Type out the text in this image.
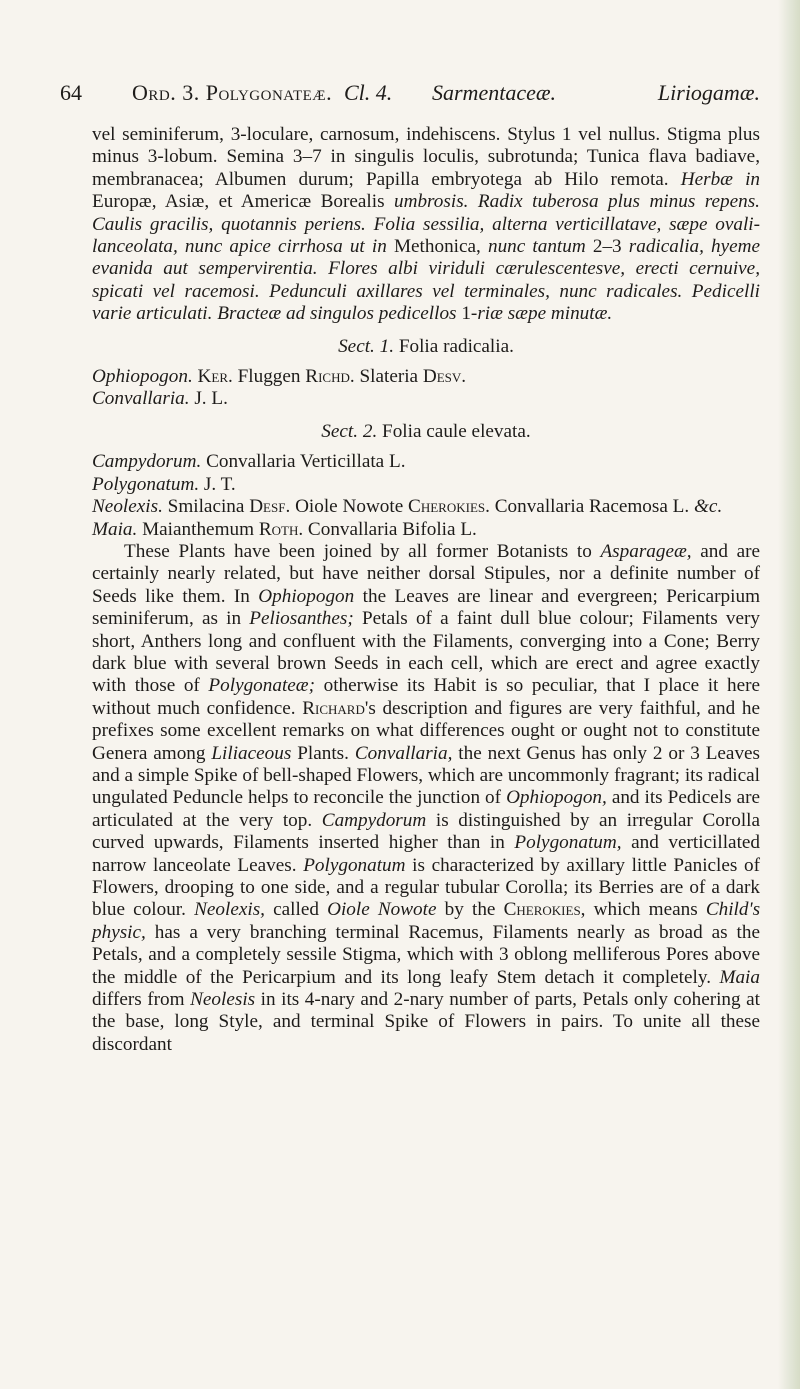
64 Ord. 3. Polygonateæ. Cl. 4. Sarmentaceæ.	Liriogamæ.

vel seminiferum, 3-loculare, carnosum, indehiscens. Stylus 1 vel nullus. Stigma plus minus 3-lobum. Semina 3–7 in singulis loculis, subrotunda; Tunica flava badiave, membranacea; Albumen durum; Papilla embryotega ab Hilo remota. Herbæ in Europæ, Asiæ, et Americæ Borealis umbrosis. Radix tuberosa plus minus repens. Caulis gracilis, quotannis periens. Folia sessilia, alterna verticillatave, sæpe ovali-lanceolata, nunc apice cirrhosa ut in Methonica, nunc tantum 2–3 radicalia, hyeme evanida aut sempervirentia. Flores albi viriduli cærulescentesve, erecti cernuive, spicati vel racemosi. Pedunculi axillares vel terminales, nunc radicales. Pedicelli varie articulati. Bracteæ ad singulos pedicellos 1-riæ sæpe minutæ.

Sect. 1. Folia radicalia.

Ophiopogon. Ker. Fluggen Richd. Slateria Desv.

Convallaria. J. L.

Sect. 2. Folia caule elevata.

Campydorum. Convallaria Verticillata L.

Polygonatum. J. T.

Neolexis. Smilacina Desf. Oiole Nowote Cherokies. Convallaria Racemosa L. &c.

Maia. Maianthemum Roth. Convallaria Bifolia L.

These Plants have been joined by all former Botanists to Asparageæ, and are certainly nearly related, but have neither dorsal Stipules, nor a definite number of Seeds like them. In Ophiopogon the Leaves are linear and evergreen; Pericarpium seminiferum, as in Peliosanthes; Petals of a faint dull blue colour; Filaments very short, Anthers long and confluent with the Filaments, converging into a Cone; Berry dark blue with several brown Seeds in each cell, which are erect and agree exactly with those of Polygonateæ; otherwise its Habit is so peculiar, that I place it here without much confidence. Richard's description and figures are very faithful, and he prefixes some excellent remarks on what differences ought or ought not to constitute Genera among Liliaceous Plants. Convallaria, the next Genus has only 2 or 3 Leaves and a simple Spike of bell-shaped Flowers, which are uncommonly fragrant; its radical ungulated Peduncle helps to reconcile the junction of Ophiopogon, and its Pedicels are articulated at the very top. Campydorum is distinguished by an irregular Corolla curved upwards, Filaments inserted higher than in Polygonatum, and verticillated narrow lanceolate Leaves. Polygonatum is characterized by axillary little Panicles of Flowers, drooping to one side, and a regular tubular Corolla; its Berries are of a dark blue colour. Neolexis, called Oiole Nowote by the Cherokies, which means Child's physic, has a very branching terminal Racemus, Filaments nearly as broad as the Petals, and a completely sessile Stigma, which with 3 oblong melliferous Pores above the middle of the Pericarpium and its long leafy Stem detach it completely. Maia differs from Neolesis in its 4-nary and 2-nary number of parts, Petals only cohering at the base, long Style, and terminal Spike of Flowers in pairs. To unite all these discordant
